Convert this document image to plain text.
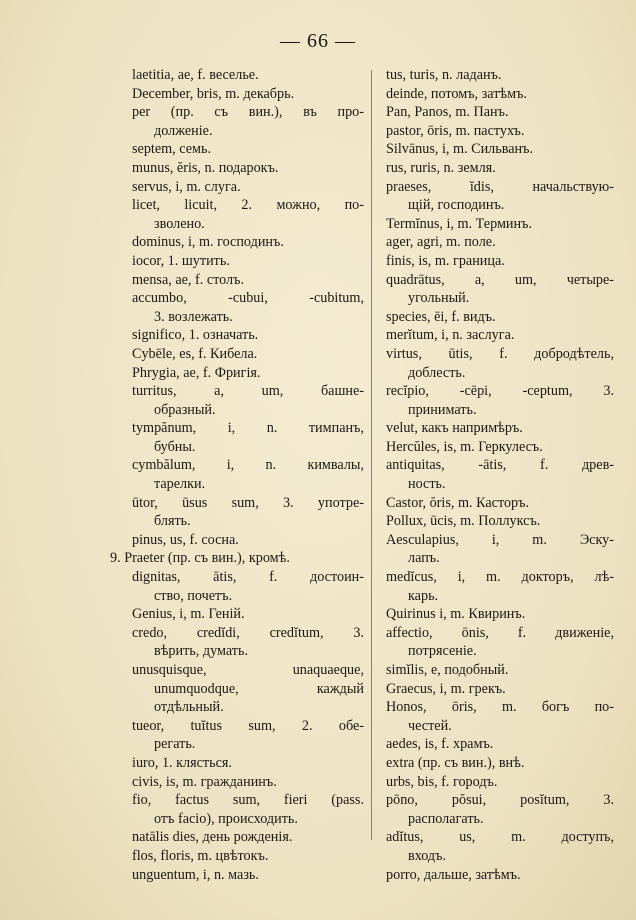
— 66 —
laetitia, ae, f. веселье.
December, bris, m. декабрь.
per (пр. съ вин.), въ про-
долженіе.
septem, семь.
munus, ĕris, n. подарокъ.
servus, i, m. слуга.
licet, licuit, 2. можно, по-
зволено.
dominus, i, m. господинъ.
iocor, 1. шутить.
mensa, ae, f. столъ.
accumbo, -cubui, -cubitum,
3. возлежать.
significo, 1. означать.
Cybēle, es, f. Кибела.
Phrygia, ae, f. Фригія.
turritus, a, um, башне-
образный.
tympănum, i, n. тимпанъ,
бубны.
cymbălum, i, n. кимвалы,
тарелки.
ūtor, ūsus sum, 3. употре-
блять.
pinus, us, f. сосна.
9. Praeter (пр. съ вин.), кромѣ.
dignitas, ātis, f. достоин-
ство, почетъ.
Genius, i, m. Геній.
credo, credĭdi, credĭtum, 3.
вѣрить, думать.
unusquisque, unaquaeque,
unumquodque, каждый
отдѣльный.
tueor, tuĭtus sum, 2. обе-
регать.
iuro, 1. клясться.
civis, is, m. гражданинъ.
fio, factus sum, fieri (pass.
отъ facio), происходить.
natālis dies, день рожденія.
flos, floris, m. цвѣтокъ.
unguentum, i, n. мазь.
tus, turis, n. ладанъ.
deinde, потомъ, затѣмъ.
Pan, Panos, m. Панъ.
pastor, ōris, m. пастухъ.
Silvānus, i, m. Сильванъ.
rus, ruris, n. земля.
praeses, ĭdis, начальствую-
щій, господинъ.
Termĭnus, i, m. Терминъ.
ager, agri, m. поле.
finis, is, m. граница.
quadrātus, a, um, четыре-
угольный.
species, ēi, f. видъ.
merĭtum, i, n. заслуга.
virtus, ūtis, f. добродѣтель,
доблесть.
recĭpio, -cēpi, -ceptum, 3.
принимать.
velut, какъ напримѣръ.
Hercŭles, is, m. Геркулесъ.
antiquitas, -ātis, f. древ-
ность.
Castor, ŏris, m. Касторъ.
Pollux, ūcis, m. Поллуксъ.
Aesculapius, i, m. Эску-
лапъ.
medĭcus, i, m. докторъ, лѣ-
карь.
Quirinus i, m. Квиринъ.
affectio, ōnis, f. движеніе,
потрясеніе.
simĭlis, e, подобный.
Graecus, i, m. грекъ.
Honos, ōris, m. богъ по-
честей.
aedes, is, f. храмъ.
extra (пр. съ вин.), внѣ.
urbs, bis, f. городъ.
pōno, pŏsui, posĭtum, 3.
располагать.
adĭtus, us, m. доступъ,
входъ.
porro, дальше, затѣмъ.
